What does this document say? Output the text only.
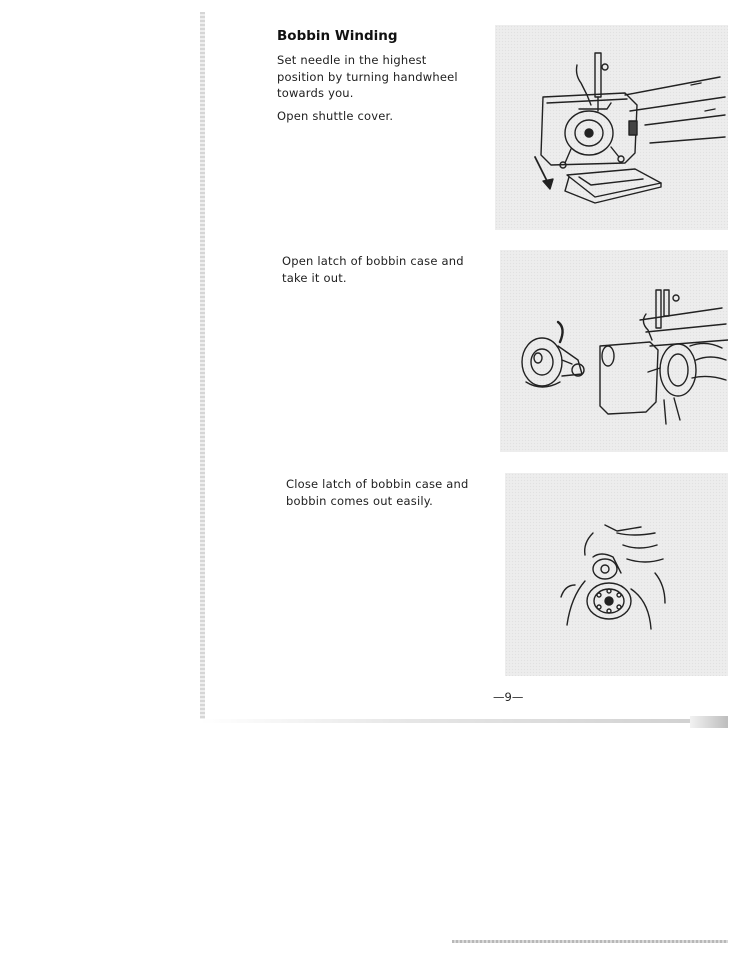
Bobbin Winding

Set needle in the highest position by turning handwheel towards you.

Open shuttle cover.

Open latch of bobbin case and take it out.

Close latch of bobbin case and bobbin comes out easily.

—9—
